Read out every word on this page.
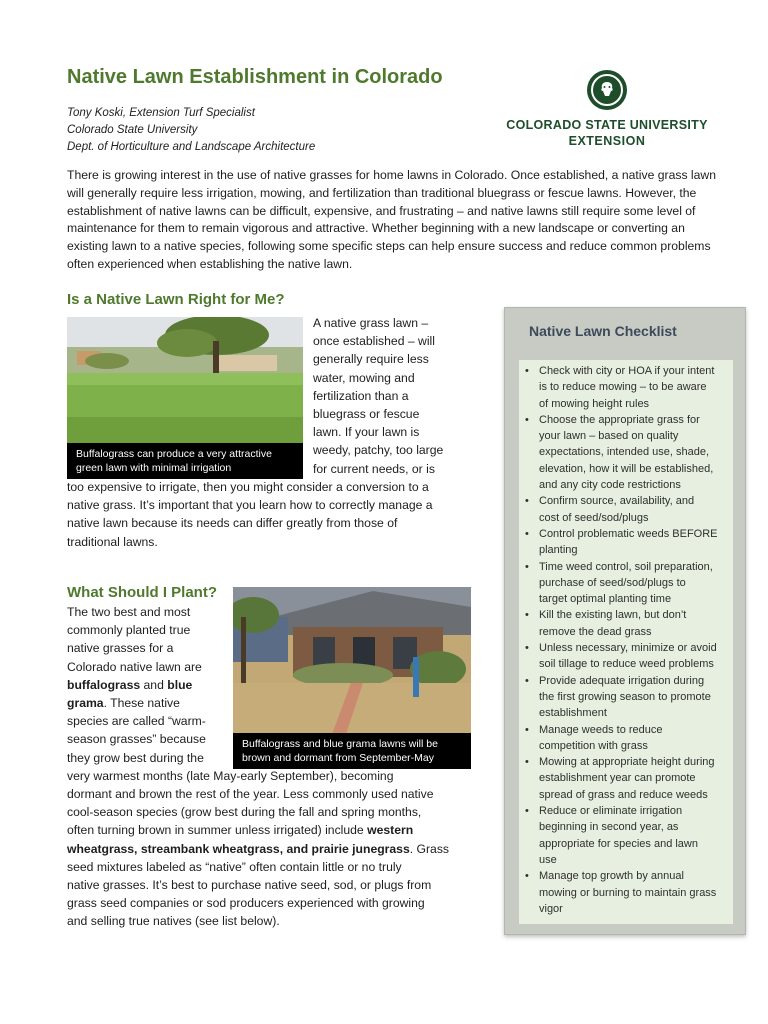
Native Lawn Establishment in Colorado
Tony Koski, Extension Turf Specialist
Colorado State University
Dept. of Horticulture and Landscape Architecture
COLORADO STATE UNIVERSITY
EXTENSION

There is growing interest in the use of native grasses for home lawns in Colorado. Once established, a native grass lawn will generally require less irrigation, mowing, and fertilization than traditional bluegrass or fescue lawns. However, the establishment of native lawns can be difficult, expensive, and frustrating – and native lawns still require some level of maintenance for them to remain vigorous and attractive. Whether beginning with a new landscape or converting an existing lawn to a native species, following some specific steps can help ensure success and reduce common problems often experienced when establishing the native lawn.

Is a Native Lawn Right for Me?
Buffalograss can produce a very attractive green lawn with minimal irrigation
A native grass lawn –
once established – will
generally require less
water, mowing and
fertilization than a
bluegrass or fescue
lawn. If your lawn is
weedy, patchy, too large
for current needs, or is
too expensive to irrigate, then you might consider a conversion to a
native grass. It’s important that you learn how to correctly manage a
native lawn because its needs can differ greatly from those of
traditional lawns.
What Should I Plant?
Buffalograss and blue grama lawns will be brown and dormant from September-May
The two best and most
commonly planted true
native grasses for a
Colorado native lawn are
buffalograss and blue
grama. These native
species are called “warm-
season grasses” because
they grow best during the
very warmest months (late May-early September), becoming
dormant and brown the rest of the year. Less commonly used native
cool-season species (grow best during the fall and spring months,
often turning brown in summer unless irrigated) include western
wheatgrass, streambank wheatgrass, and prairie junegrass. Grass
seed mixtures labeled as “native” often contain little or no truly
native grasses. It’s best to purchase native seed, sod, or plugs from
grass seed companies or sod producers experienced with growing
and selling true natives (see list below).
Native Lawn Checklist
• Check with city or HOA if your intent
is to reduce mowing – to be aware
of mowing height rules
• Choose the appropriate grass for
your lawn – based on quality
expectations, intended use, shade,
elevation, how it will be established,
and any city code restrictions
• Confirm source, availability, and
cost of seed/sod/plugs
• Control problematic weeds BEFORE
planting
• Time weed control, soil preparation,
purchase of seed/sod/plugs to
target optimal planting time
• Kill the existing lawn, but don’t
remove the dead grass
• Unless necessary, minimize or avoid
soil tillage to reduce weed problems
• Provide adequate irrigation during
the first growing season to promote
establishment
• Manage weeds to reduce
competition with grass
• Mowing at appropriate height during
establishment year can promote
spread of grass and reduce weeds
• Reduce or eliminate irrigation
beginning in second year, as
appropriate for species and lawn
use
• Manage top growth by annual
mowing or burning to maintain grass
vigor
